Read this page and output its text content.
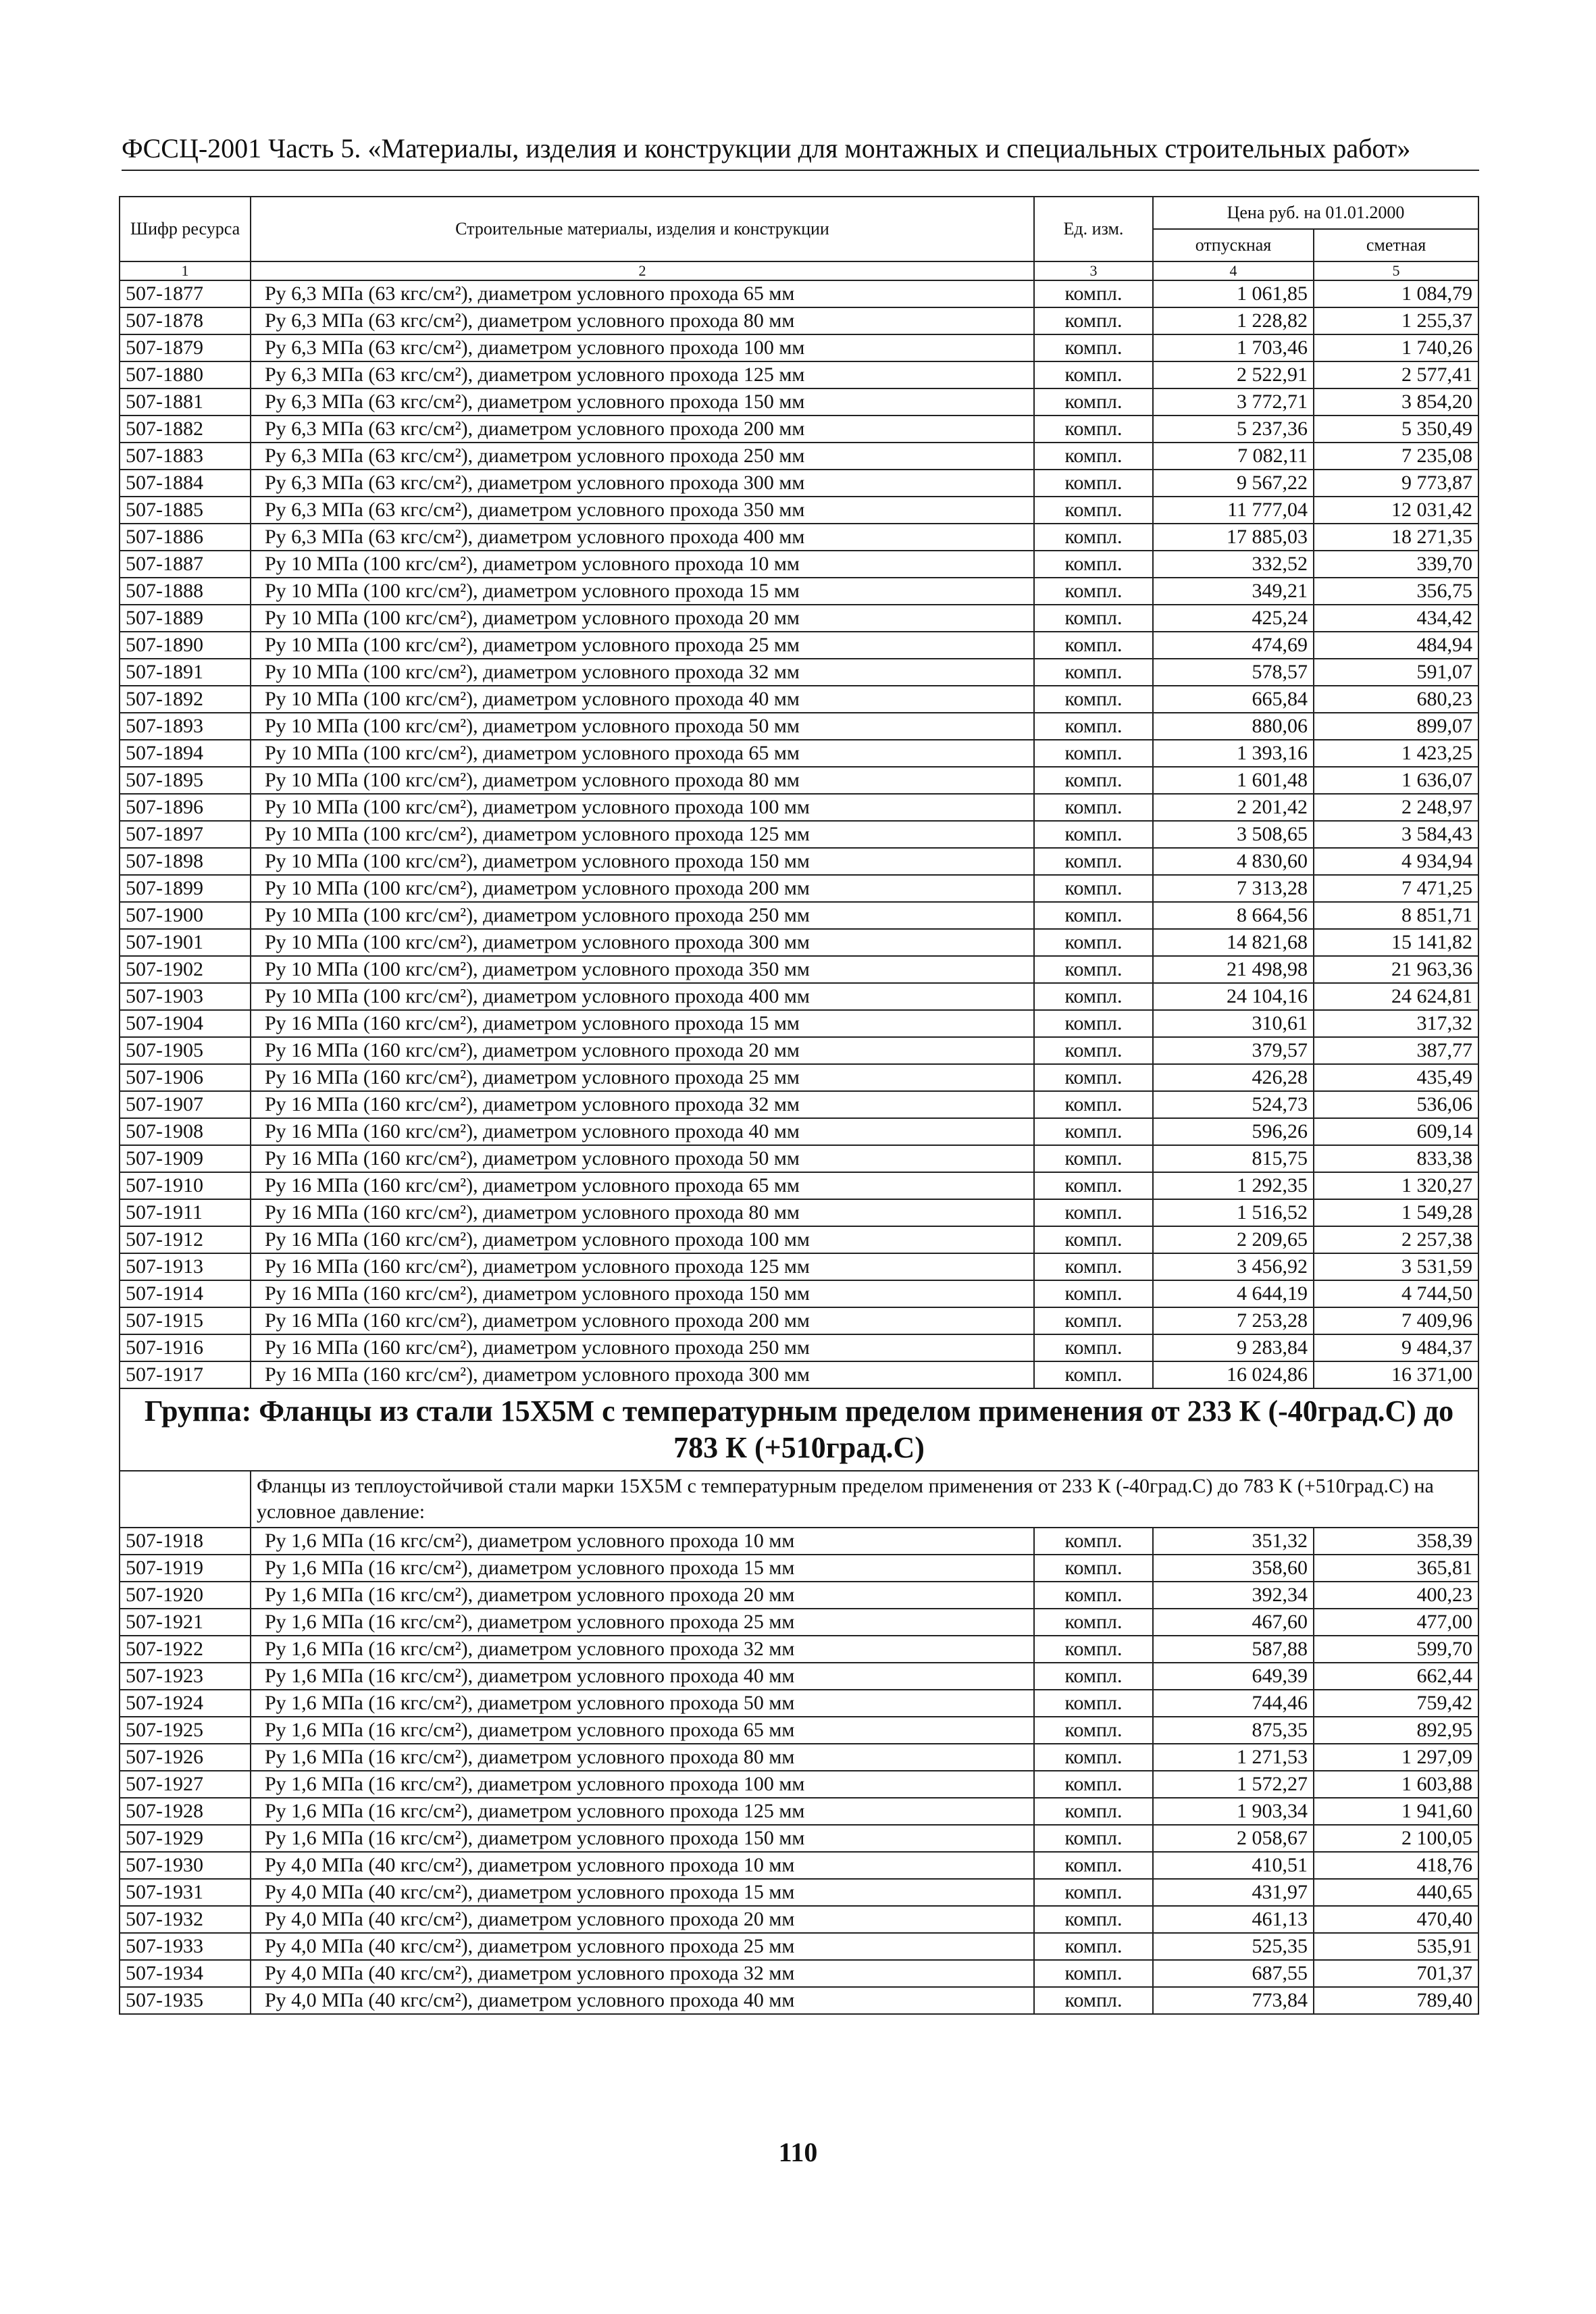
ФССЦ-2001 Часть 5. «Материалы, изделия и конструкции для монтажных и специальных строительных работ»
Шифр ресурса	Строительные материалы, изделия и конструкции	Ед. изм.	Цена руб. на 01.01.2000	
			отпускная	сметная
1	2	3	4	5
507-1877	Ру 6,3 МПа (63 кгс/см²), диаметром условного прохода 65 мм	компл.	1 061,85	1 084,79
507-1878	Ру 6,3 МПа (63 кгс/см²), диаметром условного прохода 80 мм	компл.	1 228,82	1 255,37
507-1879	Ру 6,3 МПа (63 кгс/см²), диаметром условного прохода 100 мм	компл.	1 703,46	1 740,26
507-1880	Ру 6,3 МПа (63 кгс/см²), диаметром условного прохода 125 мм	компл.	2 522,91	2 577,41
507-1881	Ру 6,3 МПа (63 кгс/см²), диаметром условного прохода 150 мм	компл.	3 772,71	3 854,20
507-1882	Ру 6,3 МПа (63 кгс/см²), диаметром условного прохода 200 мм	компл.	5 237,36	5 350,49
507-1883	Ру 6,3 МПа (63 кгс/см²), диаметром условного прохода 250 мм	компл.	7 082,11	7 235,08
507-1884	Ру 6,3 МПа (63 кгс/см²), диаметром условного прохода 300 мм	компл.	9 567,22	9 773,87
507-1885	Ру 6,3 МПа (63 кгс/см²), диаметром условного прохода 350 мм	компл.	11 777,04	12 031,42
507-1886	Ру 6,3 МПа (63 кгс/см²), диаметром условного прохода 400 мм	компл.	17 885,03	18 271,35
507-1887	Ру 10 МПа (100 кгс/см²), диаметром условного прохода 10 мм	компл.	332,52	339,70
507-1888	Ру 10 МПа (100 кгс/см²), диаметром условного прохода 15 мм	компл.	349,21	356,75
507-1889	Ру 10 МПа (100 кгс/см²), диаметром условного прохода 20 мм	компл.	425,24	434,42
507-1890	Ру 10 МПа (100 кгс/см²), диаметром условного прохода 25 мм	компл.	474,69	484,94
507-1891	Ру 10 МПа (100 кгс/см²), диаметром условного прохода 32 мм	компл.	578,57	591,07
507-1892	Ру 10 МПа (100 кгс/см²), диаметром условного прохода 40 мм	компл.	665,84	680,23
507-1893	Ру 10 МПа (100 кгс/см²), диаметром условного прохода 50 мм	компл.	880,06	899,07
507-1894	Ру 10 МПа (100 кгс/см²), диаметром условного прохода 65 мм	компл.	1 393,16	1 423,25
507-1895	Ру 10 МПа (100 кгс/см²), диаметром условного прохода 80 мм	компл.	1 601,48	1 636,07
507-1896	Ру 10 МПа (100 кгс/см²), диаметром условного прохода 100 мм	компл.	2 201,42	2 248,97
507-1897	Ру 10 МПа (100 кгс/см²), диаметром условного прохода 125 мм	компл.	3 508,65	3 584,43
507-1898	Ру 10 МПа (100 кгс/см²), диаметром условного прохода 150 мм	компл.	4 830,60	4 934,94
507-1899	Ру 10 МПа (100 кгс/см²), диаметром условного прохода 200 мм	компл.	7 313,28	7 471,25
507-1900	Ру 10 МПа (100 кгс/см²), диаметром условного прохода 250 мм	компл.	8 664,56	8 851,71
507-1901	Ру 10 МПа (100 кгс/см²), диаметром условного прохода 300 мм	компл.	14 821,68	15 141,82
507-1902	Ру 10 МПа (100 кгс/см²), диаметром условного прохода 350 мм	компл.	21 498,98	21 963,36
507-1903	Ру 10 МПа (100 кгс/см²), диаметром условного прохода 400 мм	компл.	24 104,16	24 624,81
507-1904	Ру 16 МПа (160 кгс/см²), диаметром условного прохода 15 мм	компл.	310,61	317,32
507-1905	Ру 16 МПа (160 кгс/см²), диаметром условного прохода 20 мм	компл.	379,57	387,77
507-1906	Ру 16 МПа (160 кгс/см²), диаметром условного прохода 25 мм	компл.	426,28	435,49
507-1907	Ру 16 МПа (160 кгс/см²), диаметром условного прохода 32 мм	компл.	524,73	536,06
507-1908	Ру 16 МПа (160 кгс/см²), диаметром условного прохода 40 мм	компл.	596,26	609,14
507-1909	Ру 16 МПа (160 кгс/см²), диаметром условного прохода 50 мм	компл.	815,75	833,38
507-1910	Ру 16 МПа (160 кгс/см²), диаметром условного прохода 65 мм	компл.	1 292,35	1 320,27
507-1911	Ру 16 МПа (160 кгс/см²), диаметром условного прохода 80 мм	компл.	1 516,52	1 549,28
507-1912	Ру 16 МПа (160 кгс/см²), диаметром условного прохода 100 мм	компл.	2 209,65	2 257,38
507-1913	Ру 16 МПа (160 кгс/см²), диаметром условного прохода 125 мм	компл.	3 456,92	3 531,59
507-1914	Ру 16 МПа (160 кгс/см²), диаметром условного прохода 150 мм	компл.	4 644,19	4 744,50
507-1915	Ру 16 МПа (160 кгс/см²), диаметром условного прохода 200 мм	компл.	7 253,28	7 409,96
507-1916	Ру 16 МПа (160 кгс/см²), диаметром условного прохода 250 мм	компл.	9 283,84	9 484,37
507-1917	Ру 16 МПа (160 кгс/см²), диаметром условного прохода 300 мм	компл.	16 024,86	16 371,00
Группа: Фланцы из стали 15Х5М с температурным пределом применения от 233 К (-40град.С) до 783 К (+510град.С)				
	Фланцы из теплоустойчивой стали марки 15Х5М с температурным пределом применения от 233 К (-40град.С) до 783 К (+510град.С) на условное давление:			
507-1918	Ру 1,6 МПа (16 кгс/см²), диаметром условного прохода 10 мм	компл.	351,32	358,39
507-1919	Ру 1,6 МПа (16 кгс/см²), диаметром условного прохода 15 мм	компл.	358,60	365,81
507-1920	Ру 1,6 МПа (16 кгс/см²), диаметром условного прохода 20 мм	компл.	392,34	400,23
507-1921	Ру 1,6 МПа (16 кгс/см²), диаметром условного прохода 25 мм	компл.	467,60	477,00
507-1922	Ру 1,6 МПа (16 кгс/см²), диаметром условного прохода 32 мм	компл.	587,88	599,70
507-1923	Ру 1,6 МПа (16 кгс/см²), диаметром условного прохода 40 мм	компл.	649,39	662,44
507-1924	Ру 1,6 МПа (16 кгс/см²), диаметром условного прохода 50 мм	компл.	744,46	759,42
507-1925	Ру 1,6 МПа (16 кгс/см²), диаметром условного прохода 65 мм	компл.	875,35	892,95
507-1926	Ру 1,6 МПа (16 кгс/см²), диаметром условного прохода 80 мм	компл.	1 271,53	1 297,09
507-1927	Ру 1,6 МПа (16 кгс/см²), диаметром условного прохода 100 мм	компл.	1 572,27	1 603,88
507-1928	Ру 1,6 МПа (16 кгс/см²), диаметром условного прохода 125 мм	компл.	1 903,34	1 941,60
507-1929	Ру 1,6 МПа (16 кгс/см²), диаметром условного прохода 150 мм	компл.	2 058,67	2 100,05
507-1930	Ру 4,0 МПа (40 кгс/см²), диаметром условного прохода 10 мм	компл.	410,51	418,76
507-1931	Ру 4,0 МПа (40 кгс/см²), диаметром условного прохода 15 мм	компл.	431,97	440,65
507-1932	Ру 4,0 МПа (40 кгс/см²), диаметром условного прохода 20 мм	компл.	461,13	470,40
507-1933	Ру 4,0 МПа (40 кгс/см²), диаметром условного прохода 25 мм	компл.	525,35	535,91
507-1934	Ру 4,0 МПа (40 кгс/см²), диаметром условного прохода 32 мм	компл.	687,55	701,37
507-1935	Ру 4,0 МПа (40 кгс/см²), диаметром условного прохода 40 мм	компл.	773,84	789,40
110
